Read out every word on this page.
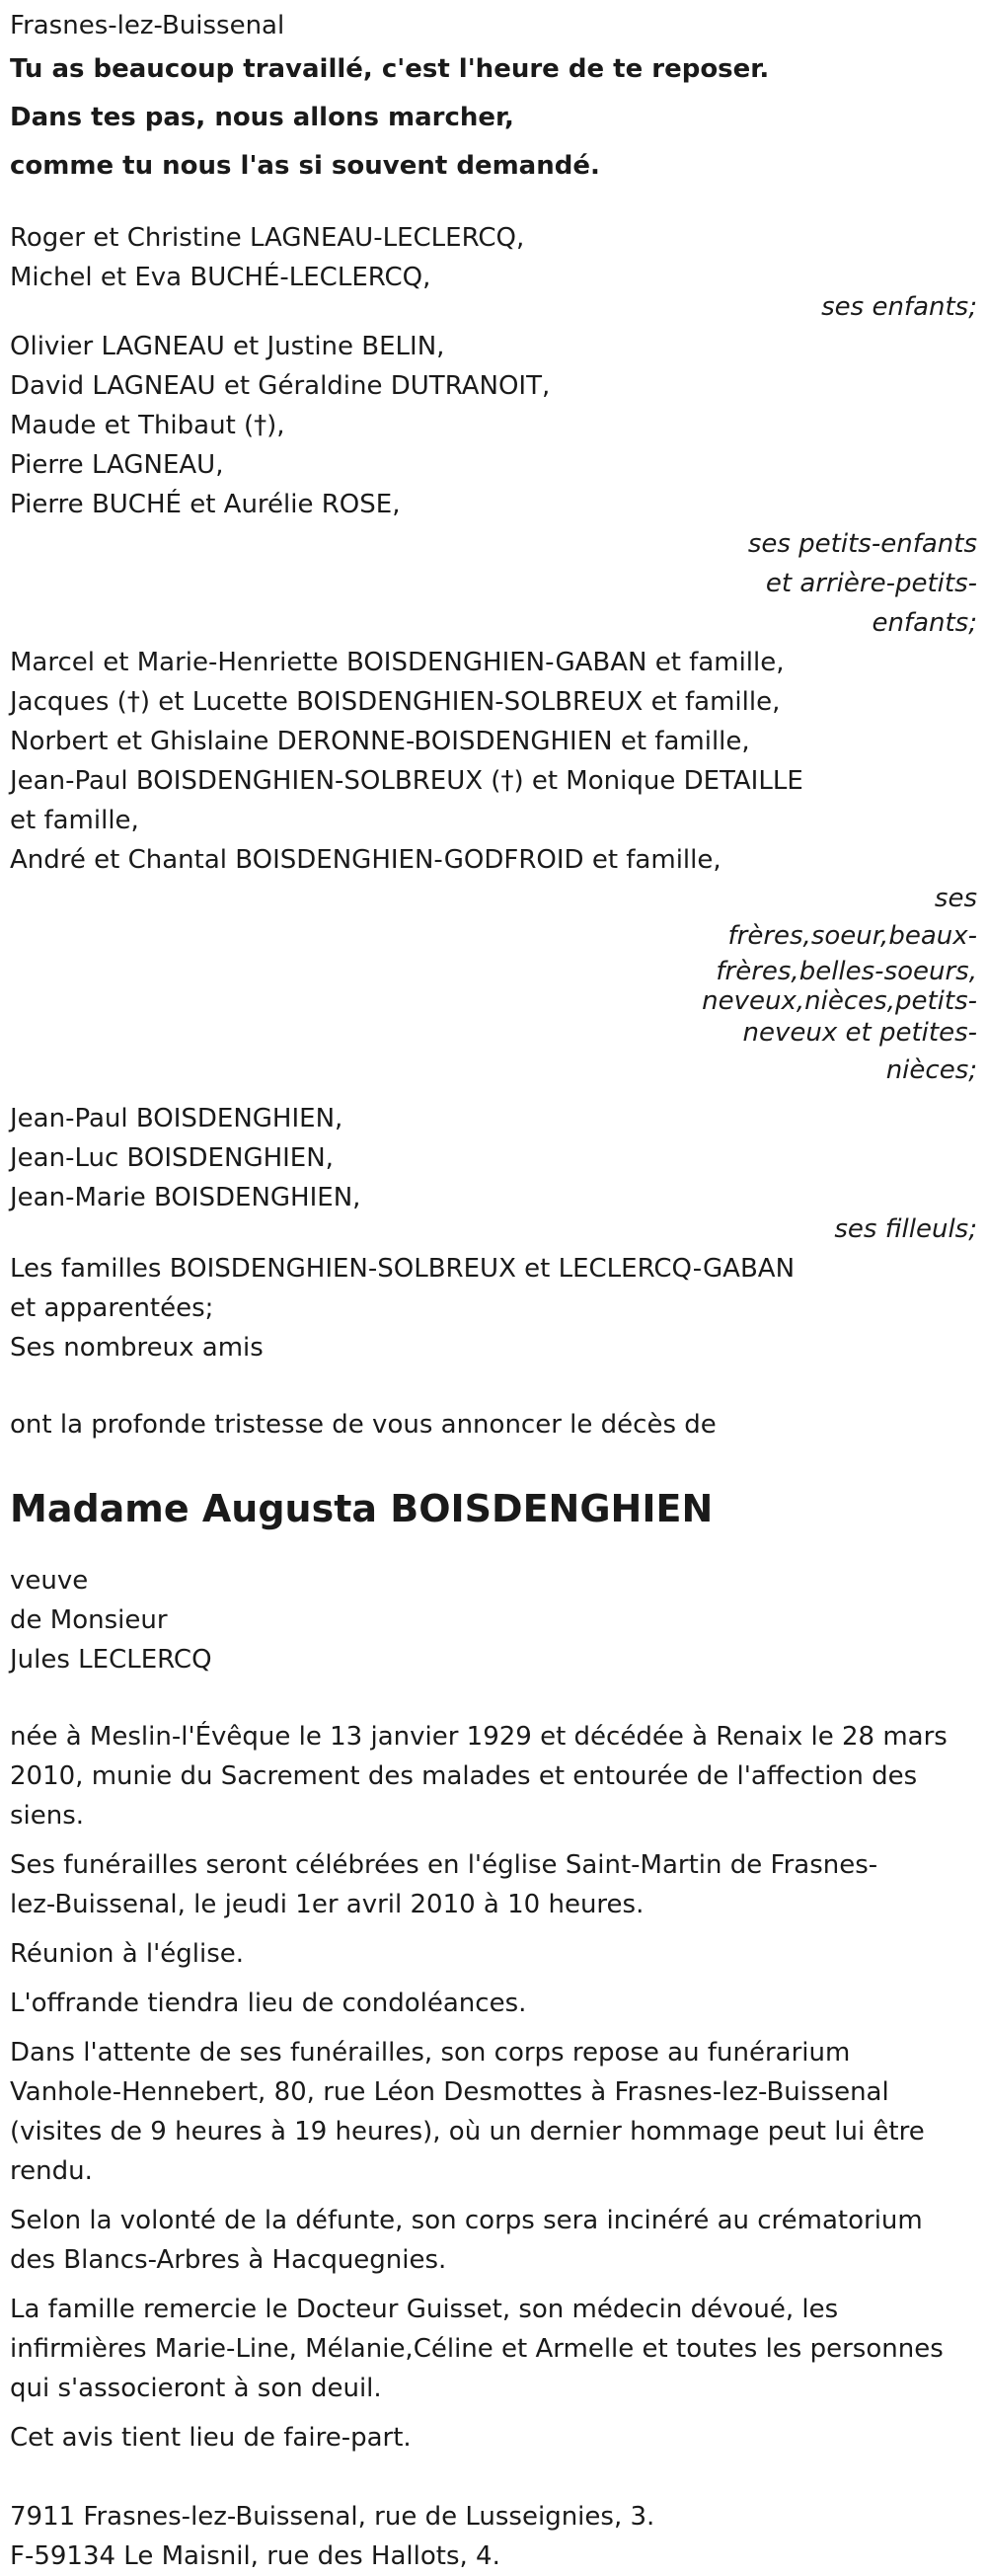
Frasnes-lez-Buissenal
Tu as beaucoup travaillé, c'est l'heure de te reposer.
Dans tes pas, nous allons marcher,
comme tu nous l'as si souvent demandé.
Roger et Christine LAGNEAU-LECLERCQ,
Michel et Eva BUCHÉ-LECLERCQ,
ses enfants;
Olivier LAGNEAU et Justine BELIN,
David LAGNEAU et Géraldine DUTRANOIT,
Maude et Thibaut (†),
Pierre LAGNEAU,
Pierre BUCHÉ et Aurélie ROSE,
ses petits-enfants
et arrière-petits-
enfants;
Marcel et Marie-Henriette BOISDENGHIEN-GABAN et famille,
Jacques (†) et Lucette BOISDENGHIEN-SOLBREUX et famille,
Norbert et Ghislaine DERONNE-BOISDENGHIEN et famille,
Jean-Paul BOISDENGHIEN-SOLBREUX (†) et Monique DETAILLE
et famille,
André et Chantal BOISDENGHIEN-GODFROID et famille,
ses
frères,soeur,beaux-
frères,belles-soeurs,
neveux,nièces,petits-
neveux et petites-
nièces;
Jean-Paul BOISDENGHIEN,
Jean-Luc BOISDENGHIEN,
Jean-Marie BOISDENGHIEN,
ses filleuls;
Les familles BOISDENGHIEN-SOLBREUX et LECLERCQ-GABAN
et apparentées;
Ses nombreux amis
ont la profonde tristesse de vous annoncer le décès de
Madame Augusta BOISDENGHIEN
veuve
de Monsieur
Jules LECLERCQ
née à Meslin-l'Évêque le 13 janvier 1929 et décédée à Renaix le 28 mars
2010, munie du Sacrement des malades et entourée de l'affection des
siens.
Ses funérailles seront célébrées en l'église Saint-Martin de Frasnes-
lez-Buissenal, le jeudi 1er avril 2010 à 10 heures.
Réunion à l'église.
L'offrande tiendra lieu de condoléances.
Dans l'attente de ses funérailles, son corps repose au funérarium
Vanhole-Hennebert, 80, rue Léon Desmottes à Frasnes-lez-Buissenal
(visites de 9 heures à 19 heures), où un dernier hommage peut lui être
rendu.
Selon la volonté de la défunte, son corps sera incinéré au crématorium
des Blancs-Arbres à Hacquegnies.
La famille remercie le Docteur Guisset, son médecin dévoué, les
infirmières Marie-Line, Mélanie,Céline et Armelle et toutes les personnes
qui s'associeront à son deuil.
Cet avis tient lieu de faire-part.
7911 Frasnes-lez-Buissenal, rue de Lusseignies, 3.
F-59134 Le Maisnil, rue des Hallots, 4.
